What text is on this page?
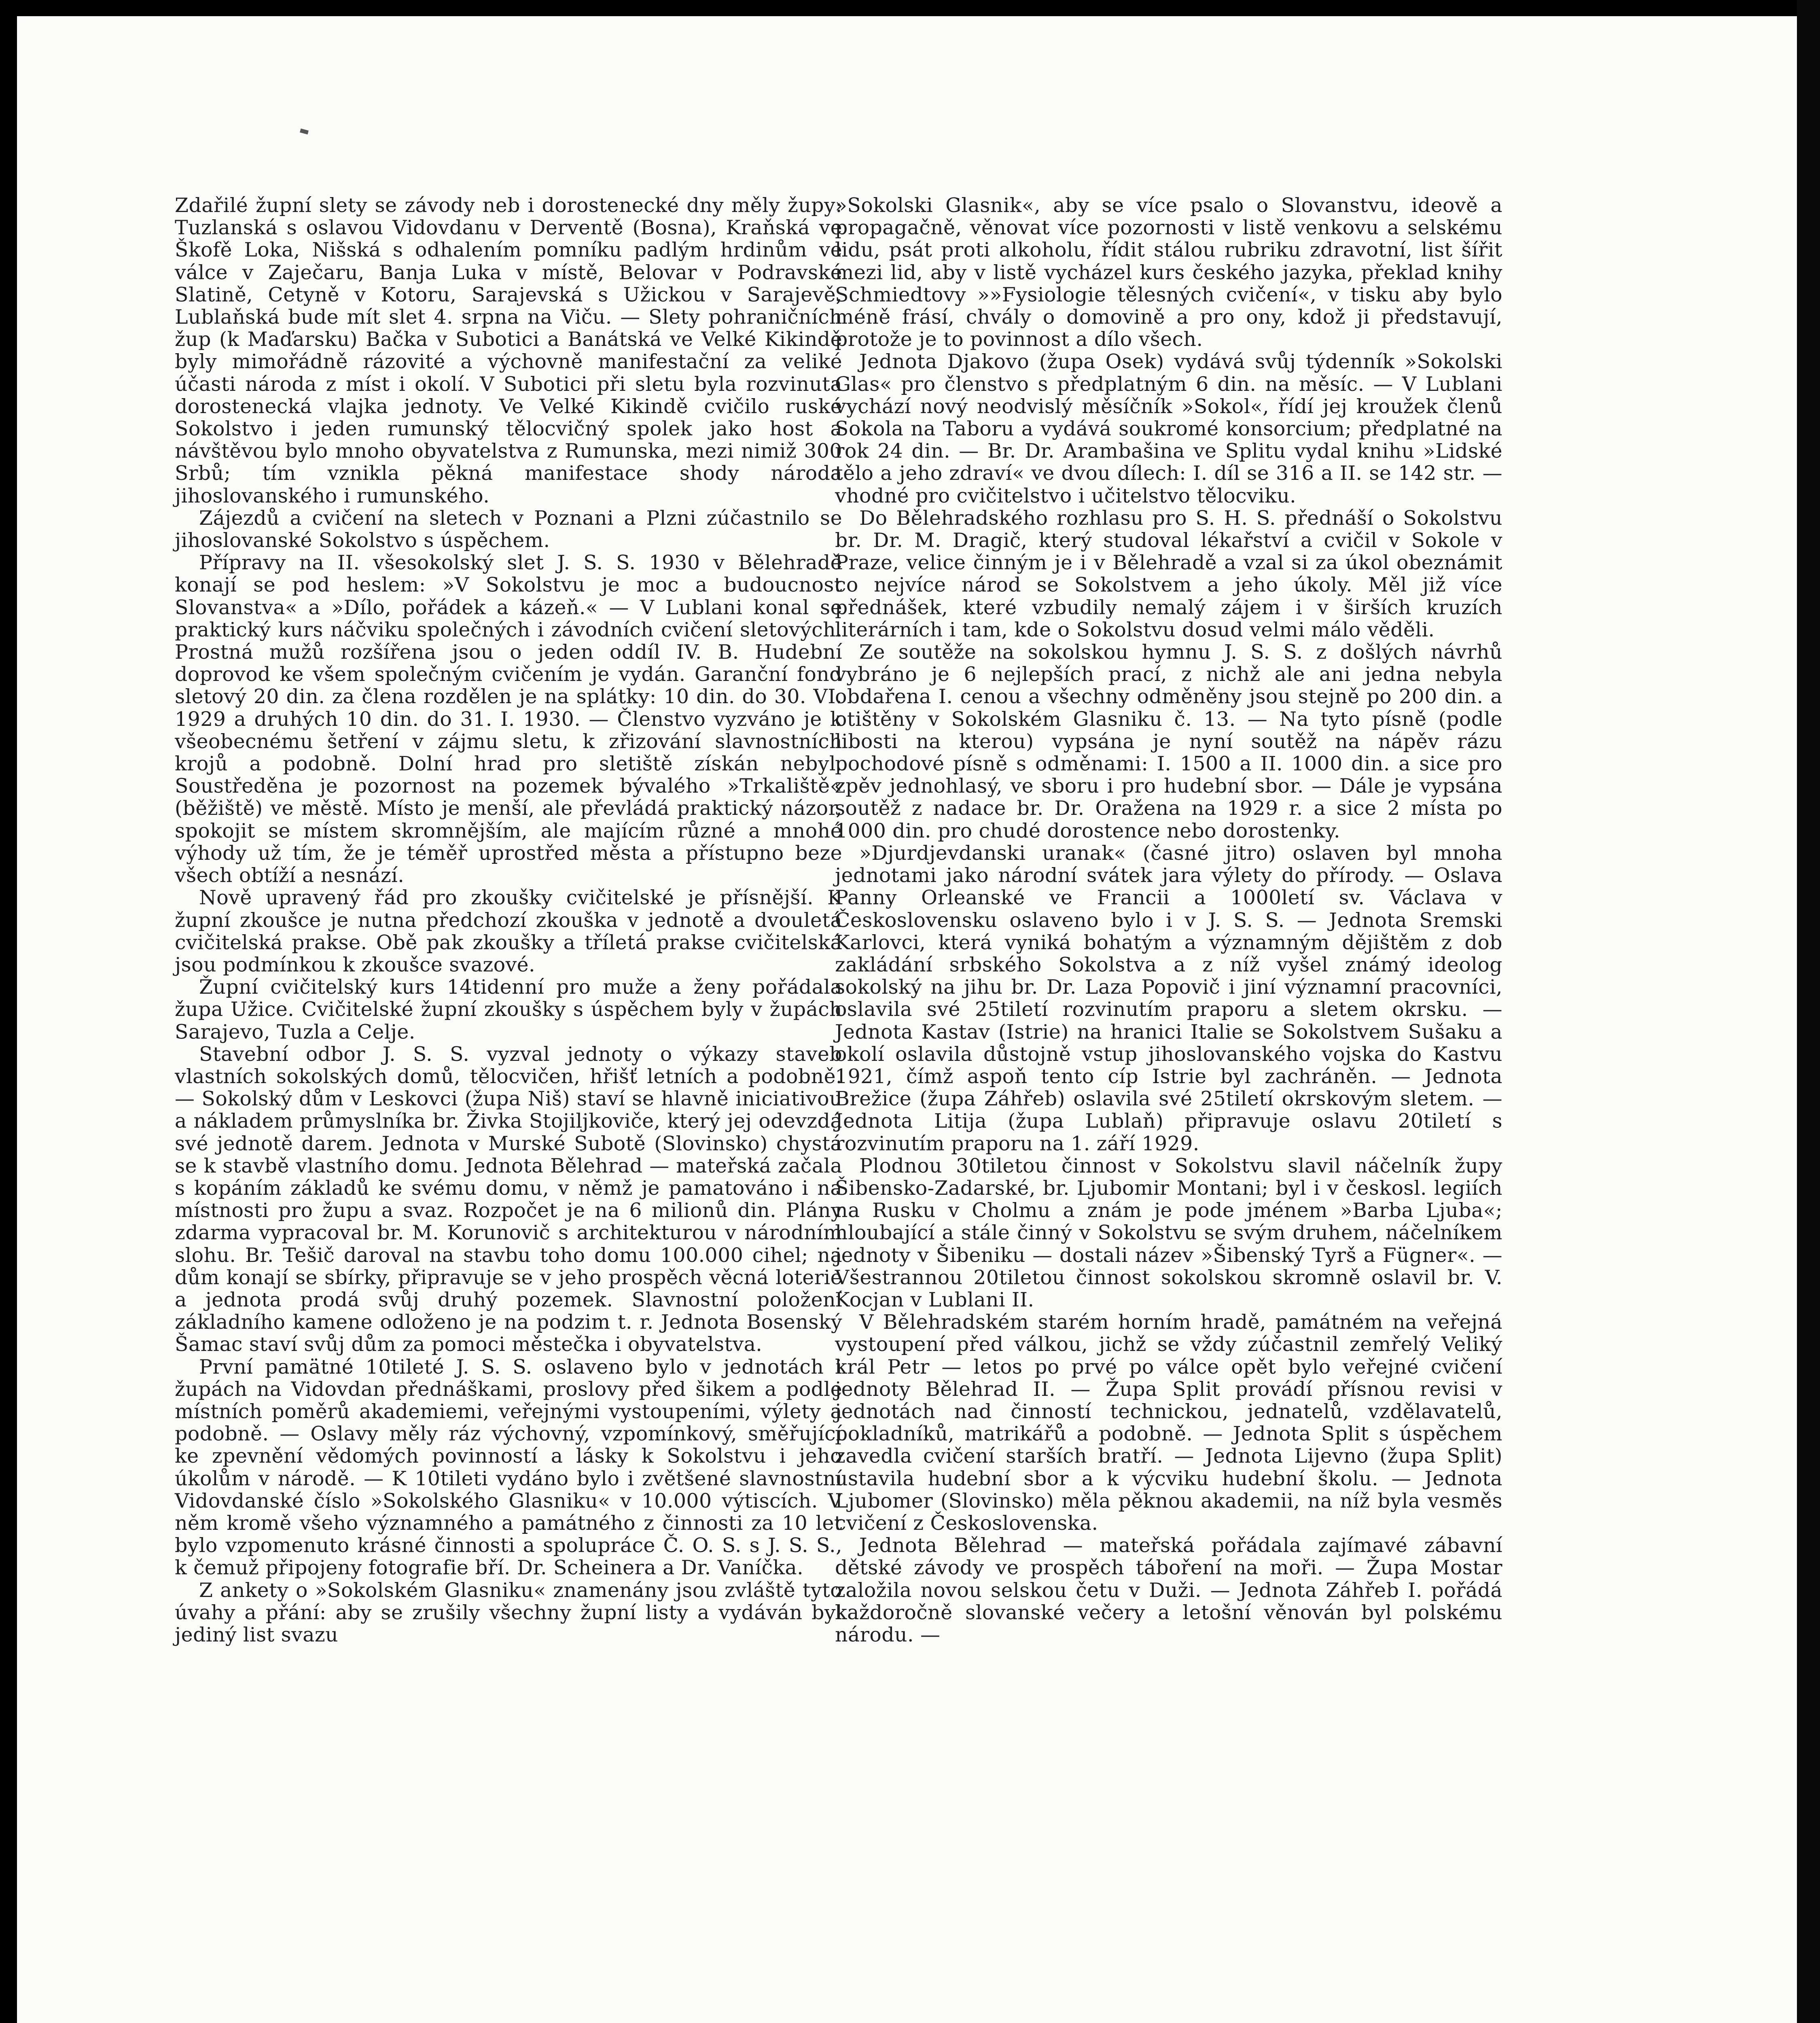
Zdařilé župní slety se závody neb i dorostenecké dny měly župy: Tuzlanská s oslavou Vidovdanu v Derventě (Bosna), Kraňská ve Škofě Loka, Nišská s odhalením pomníku padlým hrdinům ve válce v Zaječaru, Banja Luka v místě, Belovar v Podravské Slatině, Cetyně v Kotoru, Sarajevská s Užickou v Sarajevě, Lublaňská bude mít slet 4. srpna na Viču. — Slety pohraničních žup (k Maďarsku) Bačka v Subotici a Banátská ve Velké Kikindě byly mimořádně rázovité a výchovně manifestační za veliké účasti národa z míst i okolí. V Subotici při sletu byla rozvinuta dorostenecká vlajka jednoty. Ve Velké Kikindě cvičilo ruské Sokolstvo i jeden rumunský tělocvičný spolek jako host a návštěvou bylo mnoho obyvatelstva z Rumunska, mezi nimiž 300 Srbů; tím vznikla pěkná manifestace shody národa jihoslovanského i rumunského.

Zájezdů a cvičení na sletech v Poznani a Plzni zúčastnilo se jihoslovanské Sokolstvo s úspěchem.

Přípravy na II. všesokolský slet J. S. S. 1930 v Bělehradě konají se pod heslem: »V Sokolstvu je moc a budoucnost Slovanstva« a »Dílo, pořádek a kázeň.« — V Lublani konal se praktický kurs náčviku společných i závodních cvičení sletových. Prostná mužů rozšířena jsou o jeden oddíl IV. B. Hudební doprovod ke všem společným cvičením je vydán. Garanční fond sletový 20 din. za člena rozdělen je na splátky: 10 din. do 30. VI. 1929 a druhých 10 din. do 31. I. 1930. — Členstvo vyzváno je k všeobecnému šetření v zájmu sletu, k zřizování slavnostních krojů a podobně. Dolní hrad pro sletiště získán nebyl. Soustředěna je pozornost na pozemek bývalého »Trkaliště« (běžiště) ve městě. Místo je menší, ale převládá praktický názor, spokojit se místem skromnějším, ale majícím různé a mnohé výhody už tím, že je téměř uprostřed města a přístupno beze všech obtíží a nesnází.

Nově upravený řád pro zkoušky cvičitelské je přísnější. K župní zkoušce je nutna předchozí zkouška v jednotě a dvouletá cvičitelská prakse. Obě pak zkoušky a tříletá prakse cvičitelská jsou podmínkou k zkoušce svazové.

Župní cvičitelský kurs 14tidenní pro muže a ženy pořádala župa Užice. Cvičitelské župní zkoušky s úspěchem byly v župách Sarajevo, Tuzla a Celje.

Stavební odbor J. S. S. vyzval jednoty o výkazy staveb vlastních sokolských domů, tělocvičen, hřišť letních a podobně. — Sokolský dům v Leskovci (župa Niš) staví se hlavně iniciativou a nákladem průmyslníka br. Živka Stojiljkoviče, který jej odevzdá své jednotě darem. Jednota v Murské Subotě (Slovinsko) chystá se k stavbě vlastního domu. Jednota Bělehrad — mateřská začala s kopáním základů ke svému domu, v němž je pamatováno i na místnosti pro župu a svaz. Rozpočet je na 6 milionů din. Plány zdarma vypracoval br. M. Korunovič s architekturou v národním slohu. Br. Tešič daroval na stavbu toho domu 100.000 cihel; na dům konají se sbírky, připravuje se v jeho prospěch věcná loterie a jednota prodá svůj druhý pozemek. Slavnostní položení základního kamene odloženo je na podzim t. r. Jednota Bosenský Šamac staví svůj dům za pomoci městečka i obyvatelstva.

První pamätné 10tileté J. S. S. oslaveno bylo v jednotách i župách na Vidovdan přednáškami, proslovy před šikem a podle místních poměrů akademiemi, veřejnými vystoupeními, výlety a podobně. — Oslavy měly ráz výchovný, vzpomínkový, směřující ke zpevnění vědomých povinností a lásky k Sokolstvu i jeho úkolům v národě. — K 10tileti vydáno bylo i zvětšené slavnostní Vidovdanské číslo »Sokolského Glasniku« v 10.000 výtiscích. V něm kromě všeho významného a památného z činnosti za 10 let bylo vzpomenuto krásné činnosti a spolupráce Č. O. S. s J. S. S., k čemuž připojeny fotografie bří. Dr. Scheinera a Dr. Vaníčka.

Z ankety o »Sokolském Glasniku« znamenány jsou zvláště tyto úvahy a přání: aby se zrušily všechny župní listy a vydáván byl jediný list svazu

»Sokolski Glasnik«, aby se více psalo o Slovanstvu, ideově a propagačně, věnovat více pozornosti v listě venkovu a selskému lidu, psát proti alkoholu, řídit stálou rubriku zdravotní, list šířit mezi lid, aby v listě vycházel kurs českého jazyka, překlad knihy Schmiedtovy »»Fysiologie tělesných cvičení«, v tisku aby bylo méně frásí, chvály o domovině a pro ony, kdož ji představují, protože je to povinnost a dílo všech.

Jednota Djakovo (župa Osek) vydává svůj týdenník »Sokolski Glas« pro členstvo s předplatným 6 din. na měsíc. — V Lublani vychází nový neodvislý měsíčník »Sokol«, řídí jej kroužek členů Sokola na Taboru a vydává soukromé konsorcium; předplatné na rok 24 din. — Br. Dr. Arambašina ve Splitu vydal knihu »Lidské tělo a jeho zdraví« ve dvou dílech: I. díl se 316 a II. se 142 str. — vhodné pro cvičitelstvo i učitelstvo tělocviku.

Do Bělehradského rozhlasu pro S. H. S. přednáší o Sokolstvu br. Dr. M. Dragič, který studoval lékařství a cvičil v Sokole v Praze, velice činným je i v Bělehradě a vzal si za úkol obeznámit co nejvíce národ se Sokolstvem a jeho úkoly. Měl již více přednášek, které vzbudily nemalý zájem i v širších kruzích literárních i tam, kde o Sokolstvu dosud velmi málo věděli.

Ze soutěže na sokolskou hymnu J. S. S. z došlých návrhů vybráno je 6 nejlepších prací, z nichž ale ani jedna nebyla obdařena I. cenou a všechny odměněny jsou stejně po 200 din. a otištěny v Sokolském Glasniku č. 13. — Na tyto písně (podle libosti na kterou) vypsána je nyní soutěž na nápěv rázu pochodové písně s odměnami: I. 1500 a II. 1000 din. a sice pro zpěv jednohlasý, ve sboru i pro hudební sbor. — Dále je vypsána soutěž z nadace br. Dr. Oražena na 1929 r. a sice 2 místa po 1000 din. pro chudé dorostence nebo dorostenky.

»Djurdjevdanski uranak« (časné jitro) oslaven byl mnoha jednotami jako národní svátek jara výlety do přírody. — Oslava Panny Orleanské ve Francii a 1000letí sv. Václava v Československu oslaveno bylo i v J. S. S. — Jednota Sremski Karlovci, která vyniká bohatým a významným dějištěm z dob zakládání srbského Sokolstva a z níž vyšel známý ideolog sokolský na jihu br. Dr. Laza Popovič i jiní významní pracovníci, oslavila své 25tiletí rozvinutím praporu a sletem okrsku. — Jednota Kastav (Istrie) na hranici Italie se Sokolstvem Sušaku a okolí oslavila důstojně vstup jihoslovanského vojska do Kastvu 1921, čímž aspoň tento cíp Istrie byl zachráněn. — Jednota Brežice (župa Záhřeb) oslavila své 25tiletí okrskovým sletem. — Jednota Litija (župa Lublaň) připravuje oslavu 20tiletí s rozvinutím praporu na 1. září 1929.

Plodnou 30tiletou činnost v Sokolstvu slavil náčelník župy Šibensko-Zadarské, br. Ljubomir Montani; byl i v českosl. legiích na Rusku v Cholmu a znám je pode jménem »Barba Ljuba«; hloubající a stále činný v Sokolstvu se svým druhem, náčelníkem jednoty v Šibeniku — dostali název »Šibenský Tyrš a Fügner«. — Všestrannou 20tiletou činnost sokolskou skromně oslavil br. V. Kocjan v Lublani II.

V Bělehradském starém horním hradě, památném na veřejná vystoupení před válkou, jichž se vždy zúčastnil zemřelý Veliký král Petr — letos po prvé po válce opět bylo veřejné cvičení jednoty Bělehrad II. — Župa Split provádí přísnou revisi v jednotách nad činností technickou, jednatelů, vzdělavatelů, pokladníků, matrikářů a podobně. — Jednota Split s úspěchem zavedla cvičení starších bratří. — Jednota Lijevno (župa Split) ustavila hudební sbor a k výcviku hudební školu. — Jednota Ljubomer (Slovinsko) měla pěknou akademii, na níž byla vesměs cvičení z Československa.

Jednota Bělehrad — mateřská pořádala zajímavé zábavní dětské závody ve prospěch táboření na moři. — Župa Mostar založila novou selskou četu v Duži. — Jednota Záhřeb I. pořádá každoročně slovanské večery a letošní věnován byl polskému národu. —
